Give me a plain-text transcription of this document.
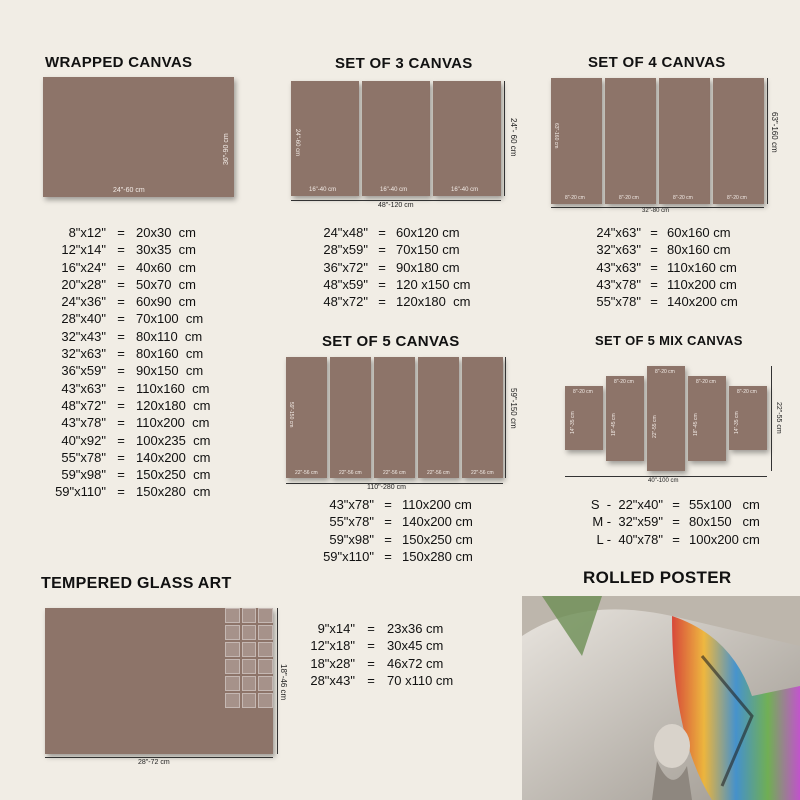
WRAPPED CANVAS
24"-60 cm
36"-90 cm
8"x12" = 20x30  cm
12"x14" = 30x35  cm
16"x24" = 40x60  cm
20"x28" = 50x70  cm
24"x36" = 60x90  cm
28"x40" = 70x100  cm
32"x43" = 80x110  cm
32"x63" = 80x160  cm
36"x59" = 90x150  cm
43"x63" = 110x160  cm
48"x72" = 120x180  cm
43"x78" = 110x200  cm
40"x92" = 100x235  cm
55"x78" = 140x200  cm
59"x98" = 150x250  cm
59"x110" = 150x280  cm
SET OF 3 CANVAS
16"-40 cm
24"-60 cm
16"-40 cm	16"-40 cm
48"-120 cm
24"- 60 cm
24"x48" = 60x120 cm
28"x59" = 70x150 cm
36"x72" = 90x180 cm
48"x59" = 120 x150 cm
48"x72" = 120x180  cm
SET OF 4 CANVAS
8"-20 cm
63"-160 cm
8"-20 cm	8"-20 cm	8"-20 cm
32"-80 cm
63"-160 cm
24"x63" = 60x160 cm
32"x63" = 80x160 cm
43"x63" = 110x160 cm
43"x78" = 110x200 cm
55"x78" = 140x200 cm
SET OF 5 CANVAS
22"-56 cm
59"-150 cm
22"-56 cm	22"-56 cm	22"-56 cm	22"-56 cm
110"-280 cm
59"-150 cm
43"x78" = 110x200 cm
55"x78" = 140x200 cm
59"x98" = 150x250 cm
59"x110" = 150x280 cm
SET OF 5 MIX CANVAS
8"-20 cm
14"-35 cm
8"-20 cm
18"-45 cm
8"-20 cm
22"-55 cm
8"-20 cm
18"-45 cm
8"-20 cm
14"-35 cm
40"-100 cm
22"-55 cm
S  -  22"x40" = 55x100   cm
M -  32"x59" = 80x150   cm
L -  40"x78" = 100x200 cm
TEMPERED GLASS ART
28"-72 cm
18"-46 cm
9"x14" = 23x36 cm
12"x18" = 30x45 cm
18"x28" = 46x72 cm
28"x43" = 70 x110 cm
ROLLED POSTER
